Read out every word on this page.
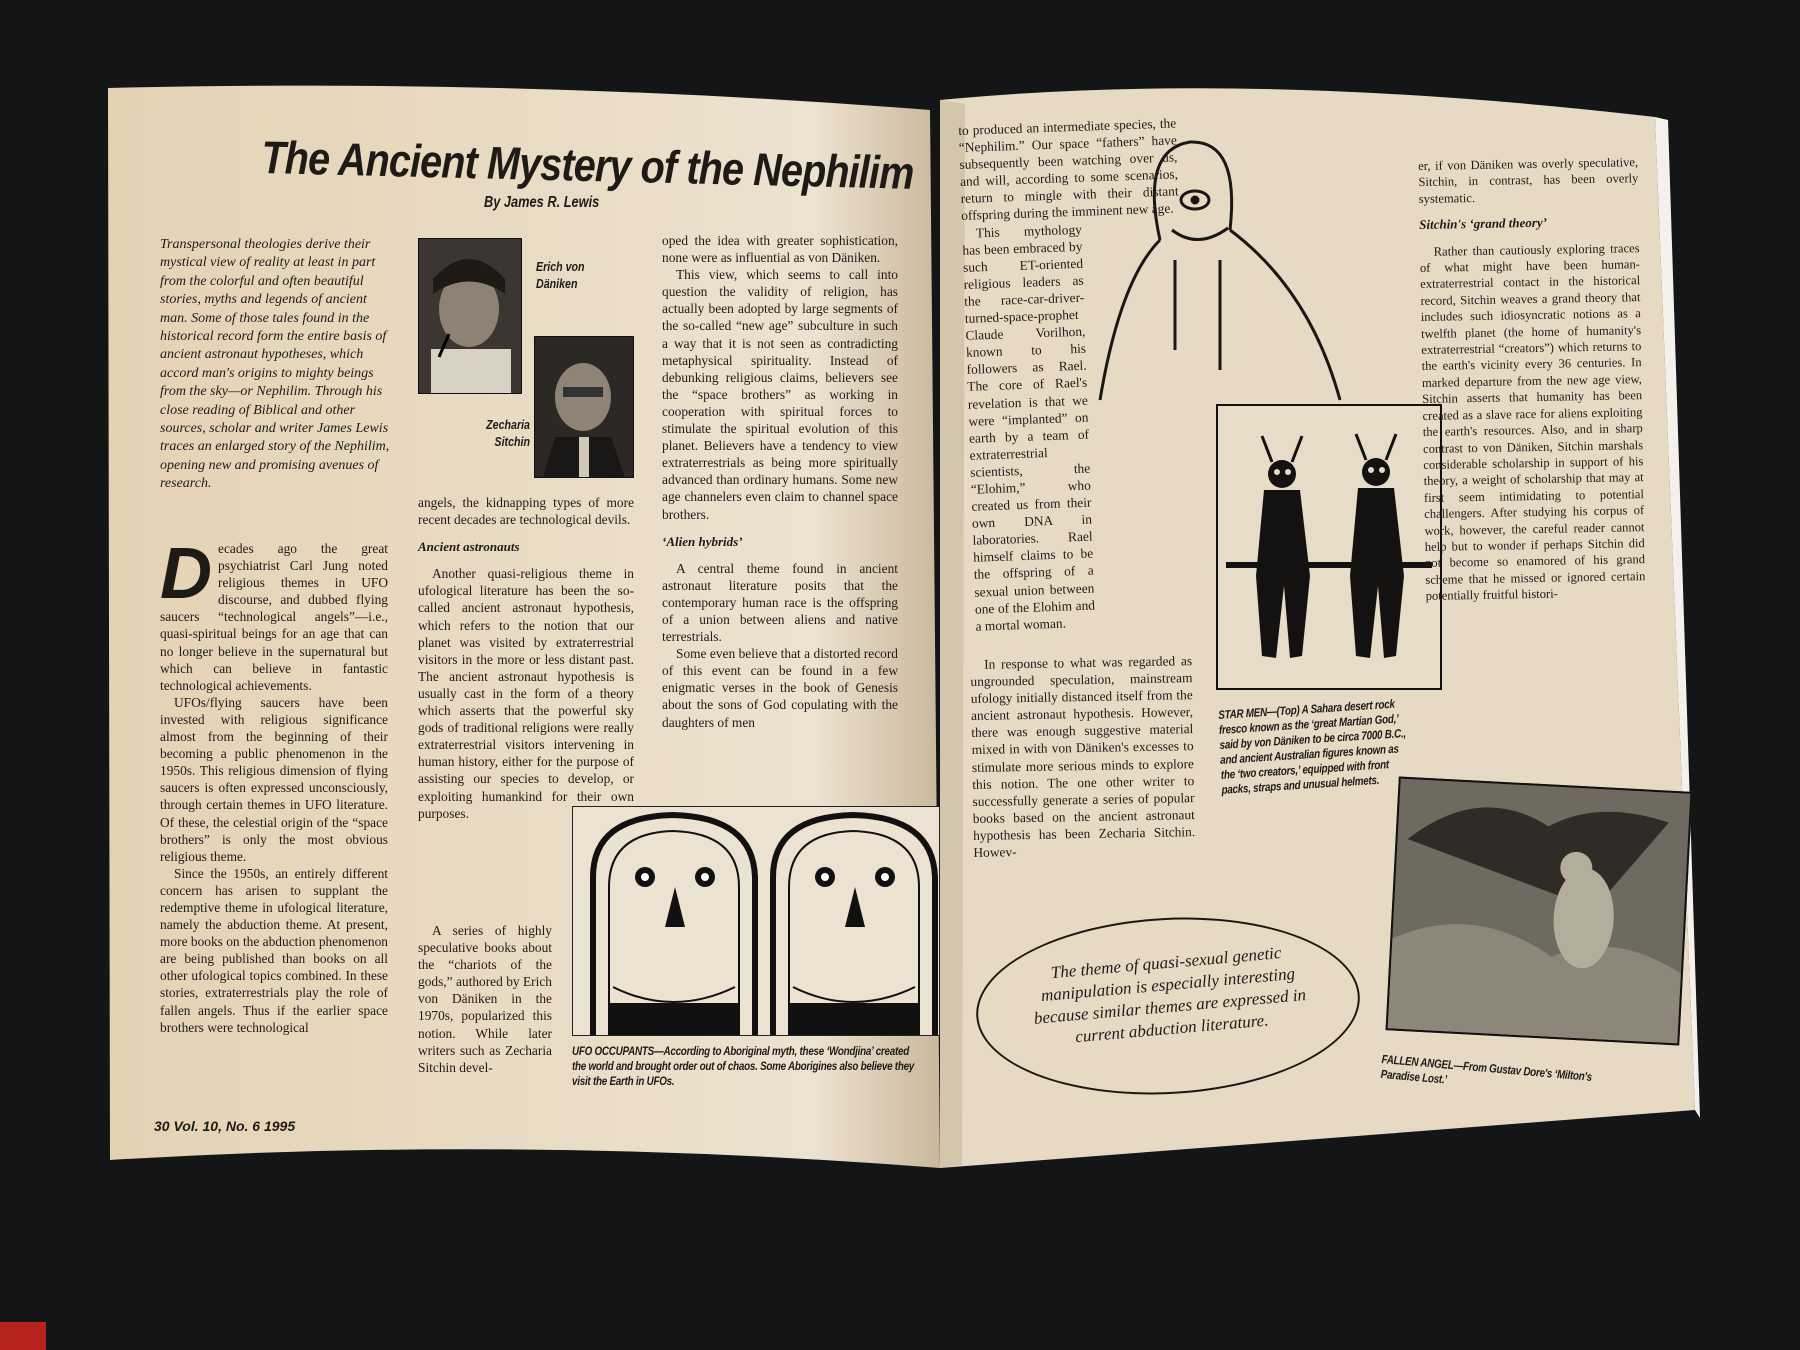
The Ancient Mystery of the Nephilim
By James R. Lewis
Transpersonal theologies derive their mystical view of reality at least in part from the colorful and often beautiful stories, myths and legends of ancient man. Some of those tales found in the historical record form the entire basis of ancient astronaut hypotheses, which accord man's origins to mighty beings from the sky—or Nephilim. Through his close reading of Biblical and other sources, scholar and writer James Lewis traces an enlarged story of the Nephilim, opening new and promising avenues of research.
Erich von Däniken
Zecharia Sitchin
D ecades ago the great psychiatrist Carl Jung noted religious themes in UFO discourse, and dubbed flying saucers “technological angels”—i.e., quasi-spiritual beings for an age that can no longer believe in the supernatural but which can believe in fantastic technological achievements.

UFOs/flying saucers have been invested with religious significance almost from the beginning of their becoming a public phenomenon in the 1950s. This religious dimension of flying saucers is often expressed unconsciously, through certain themes in UFO literature. Of these, the celestial origin of the “space brothers” is only the most obvious religious theme.

Since the 1950s, an entirely different concern has arisen to supplant the redemptive theme in ufological literature, namely the abduction theme. At present, more books on the abduction phenomenon are being published than books on all other ufological topics combined. In these stories, extraterrestrials play the role of fallen angels. Thus if the earlier space brothers were technological

angels, the kidnapping types of more recent decades are technological devils.
Ancient astronauts

Another quasi-religious theme in ufological literature has been the so-called ancient astronaut hypothesis, which refers to the notion that our planet was visited by extraterrestrial visitors in the more or less distant past. The ancient astronaut hypothesis is usually cast in the form of a theory which asserts that the powerful sky gods of traditional religions were really extraterrestrial visitors intervening in human history, either for the purpose of assisting our species to develop, or exploiting humankind for their own purposes.

A series of highly speculative books about the “chariots of the gods,” authored by Erich von Däniken in the 1970s, popularized this notion. While later writers such as Zecharia Sitchin devel-

oped the idea with greater sophistication, none were as influential as von Däniken.

This view, which seems to call into question the validity of religion, has actually been adopted by large segments of the so-called “new age” subculture in such a way that it is not seen as contradicting metaphysical spirituality. Instead of debunking religious claims, believers see the “space brothers” as working in cooperation with spiritual forces to stimulate the spiritual evolution of this planet. Believers have a tendency to view extraterrestrials as being more spiritually advanced than ordinary humans. Some new age channelers even claim to channel space brothers.

‘Alien hybrids’

A central theme found in ancient astronaut literature posits that the contemporary human race is the offspring of a union between aliens and native terrestrials.

Some even believe that a distorted record of this event can be found in a few enigmatic verses in the book of Genesis about the sons of God copulating with the daughters of men

UFO OCCUPANTS—According to Aboriginal myth, these ‘Wondjina’ created the world and brought order out of chaos. Some Aborigines also believe they visit the Earth in UFOs.
30 Vol. 10, No. 6 1995
to produced an intermediate species, the “Nephilim.” Our space “fathers” have subsequently been watching over us, and will, according to some scenarios, return to mingle with their distant offspring during the imminent new age.

This mythology has been embraced by such ET-oriented religious leaders as the race-car-driver-turned-space-prophet Claude Vorilhon, known to his followers as Rael. The core of Rael's revelation is that we were “implanted” on earth by a team of extraterrestrial scientists, the “Elohim,” who created us from their own DNA in laboratories. Rael himself claims to be the offspring of a sexual union between one of the Elohim and a mortal woman.

In response to what was regarded as ungrounded speculation, mainstream ufology initially distanced itself from the ancient astronaut hypothesis. However, there was enough suggestive material mixed in with von Däniken's excesses to stimulate more serious minds to explore this notion. The one other writer to successfully generate a series of popular books based on the ancient astronaut hypothesis has been Zecharia Sitchin. Howev-

STAR MEN—(Top) A Sahara desert rock fresco known as the ‘great Martian God,’ said by von Däniken to be circa 7000 B.C., and ancient Australian figures known as the ‘two creators,’ equipped with front packs, straps and unusual helmets.
er, if von Däniken was overly speculative, Sitchin, in contrast, has been overly systematic.
Sitchin's ‘grand theory’

Rather than cautiously exploring traces of what might have been human-extraterrestrial contact in the historical record, Sitchin weaves a grand theory that includes such idiosyncratic notions as a twelfth planet (the home of humanity's extraterrestrial “creators”) which returns to the earth's vicinity every 36 centuries. In marked departure from the new age view, Sitchin asserts that humanity has been created as a slave race for aliens exploiting the earth's resources. Also, and in sharp contrast to von Däniken, Sitchin marshals considerable scholarship in support of his theory, a weight of scholarship that may at first seem intimidating to potential challengers. After studying his corpus of work, however, the careful reader cannot help but to wonder if perhaps Sitchin did not become so enamored of his grand scheme that he missed or ignored certain potentially fruitful histori-

FALLEN ANGEL—From Gustav Dore's ‘Milton's Paradise Lost.’
The theme of quasi-sexual genetic manipulation is especially interesting because similar themes are expressed in current abduction literature.
